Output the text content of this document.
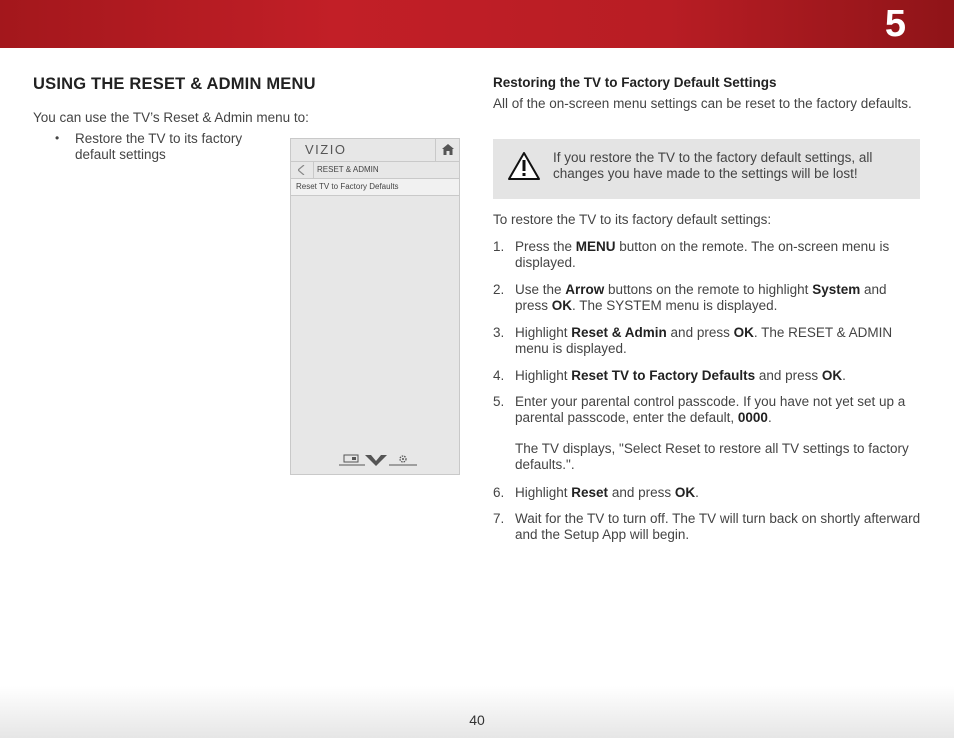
5
USING THE RESET & ADMIN MENU
You can use the TV’s Reset & Admin menu to:
• Restore the TV to its factory default settings	VIZIO
RESET & ADMIN
Reset TV to Factory Defaults
Restoring the TV to Factory Default Settings
All of the on-screen menu settings can be reset to the factory defaults.
If you restore the TV to the factory default settings, all changes you have made to the settings will be lost!
To restore the TV to its factory default settings:
1. Press the MENU button on the remote. The on-screen menu is displayed.
2. Use the Arrow buttons on the remote to highlight System and press OK. The SYSTEM menu is displayed.
3. Highlight Reset & Admin and press OK. The RESET & ADMIN menu is displayed.
4. Highlight Reset TV to Factory Defaults and press OK.
5. Enter your parental control passcode. If you have not yet set up a parental passcode, enter the default, 0000.
The TV displays, "Select Reset to restore all TV settings to factory defaults.".
6. Highlight Reset and press OK.
7. Wait for the TV to turn off. The TV will turn back on shortly afterward and the Setup App will begin.
40
